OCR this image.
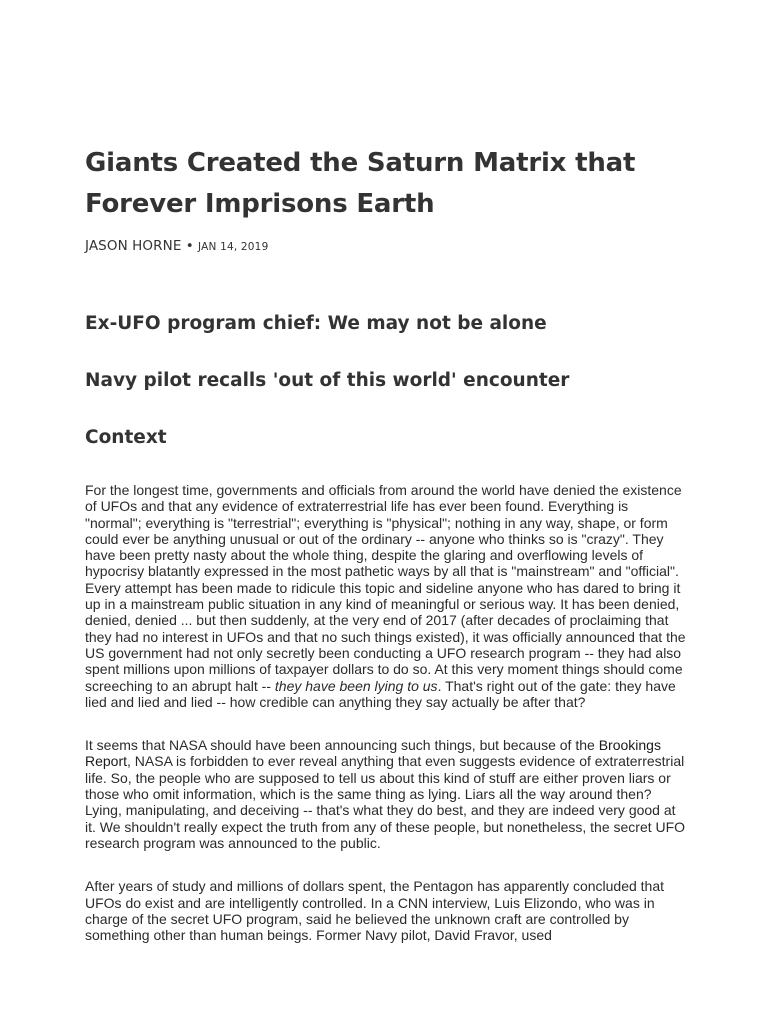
Giants Created the Saturn Matrix that Forever Imprisons Earth
JASON HORNE • JAN 14, 2019
Ex-UFO program chief: We may not be alone
Navy pilot recalls 'out of this world' encounter
Context

For the longest time, governments and officials from around the world have denied the existence of UFOs and that any evidence of extraterrestrial life has ever been found. Everything is "normal"; everything is "terrestrial"; everything is "physical"; nothing in any way, shape, or form could ever be anything unusual or out of the ordinary -- anyone who thinks so is "crazy". They have been pretty nasty about the whole thing, despite the glaring and overflowing levels of hypocrisy blatantly expressed in the most pathetic ways by all that is "mainstream" and "official". Every attempt has been made to ridicule this topic and sideline anyone who has dared to bring it up in a mainstream public situation in any kind of meaningful or serious way. It has been denied, denied, denied ... but then suddenly, at the very end of 2017 (after decades of proclaiming that they had no interest in UFOs and that no such things existed), it was officially announced that the US government had not only secretly been conducting a UFO research program -- they had also spent millions upon millions of taxpayer dollars to do so. At this very moment things should come screeching to an abrupt halt -- they have been lying to us. That's right out of the gate: they have lied and lied and lied -- how credible can anything they say actually be after that?

It seems that NASA should have been announcing such things, but because of the Brookings Report, NASA is forbidden to ever reveal anything that even suggests evidence of extraterrestrial life. So, the people who are supposed to tell us about this kind of stuff are either proven liars or those who omit information, which is the same thing as lying. Liars all the way around then? Lying, manipulating, and deceiving -- that's what they do best, and they are indeed very good at it. We shouldn't really expect the truth from any of these people, but nonetheless, the secret UFO research program was announced to the public.

After years of study and millions of dollars spent, the Pentagon has apparently concluded that UFOs do exist and are intelligently controlled. In a CNN interview, Luis Elizondo, who was in charge of the secret UFO program, said he believed the unknown craft are controlled by something other than human beings. Former Navy pilot, David Fravor, used
